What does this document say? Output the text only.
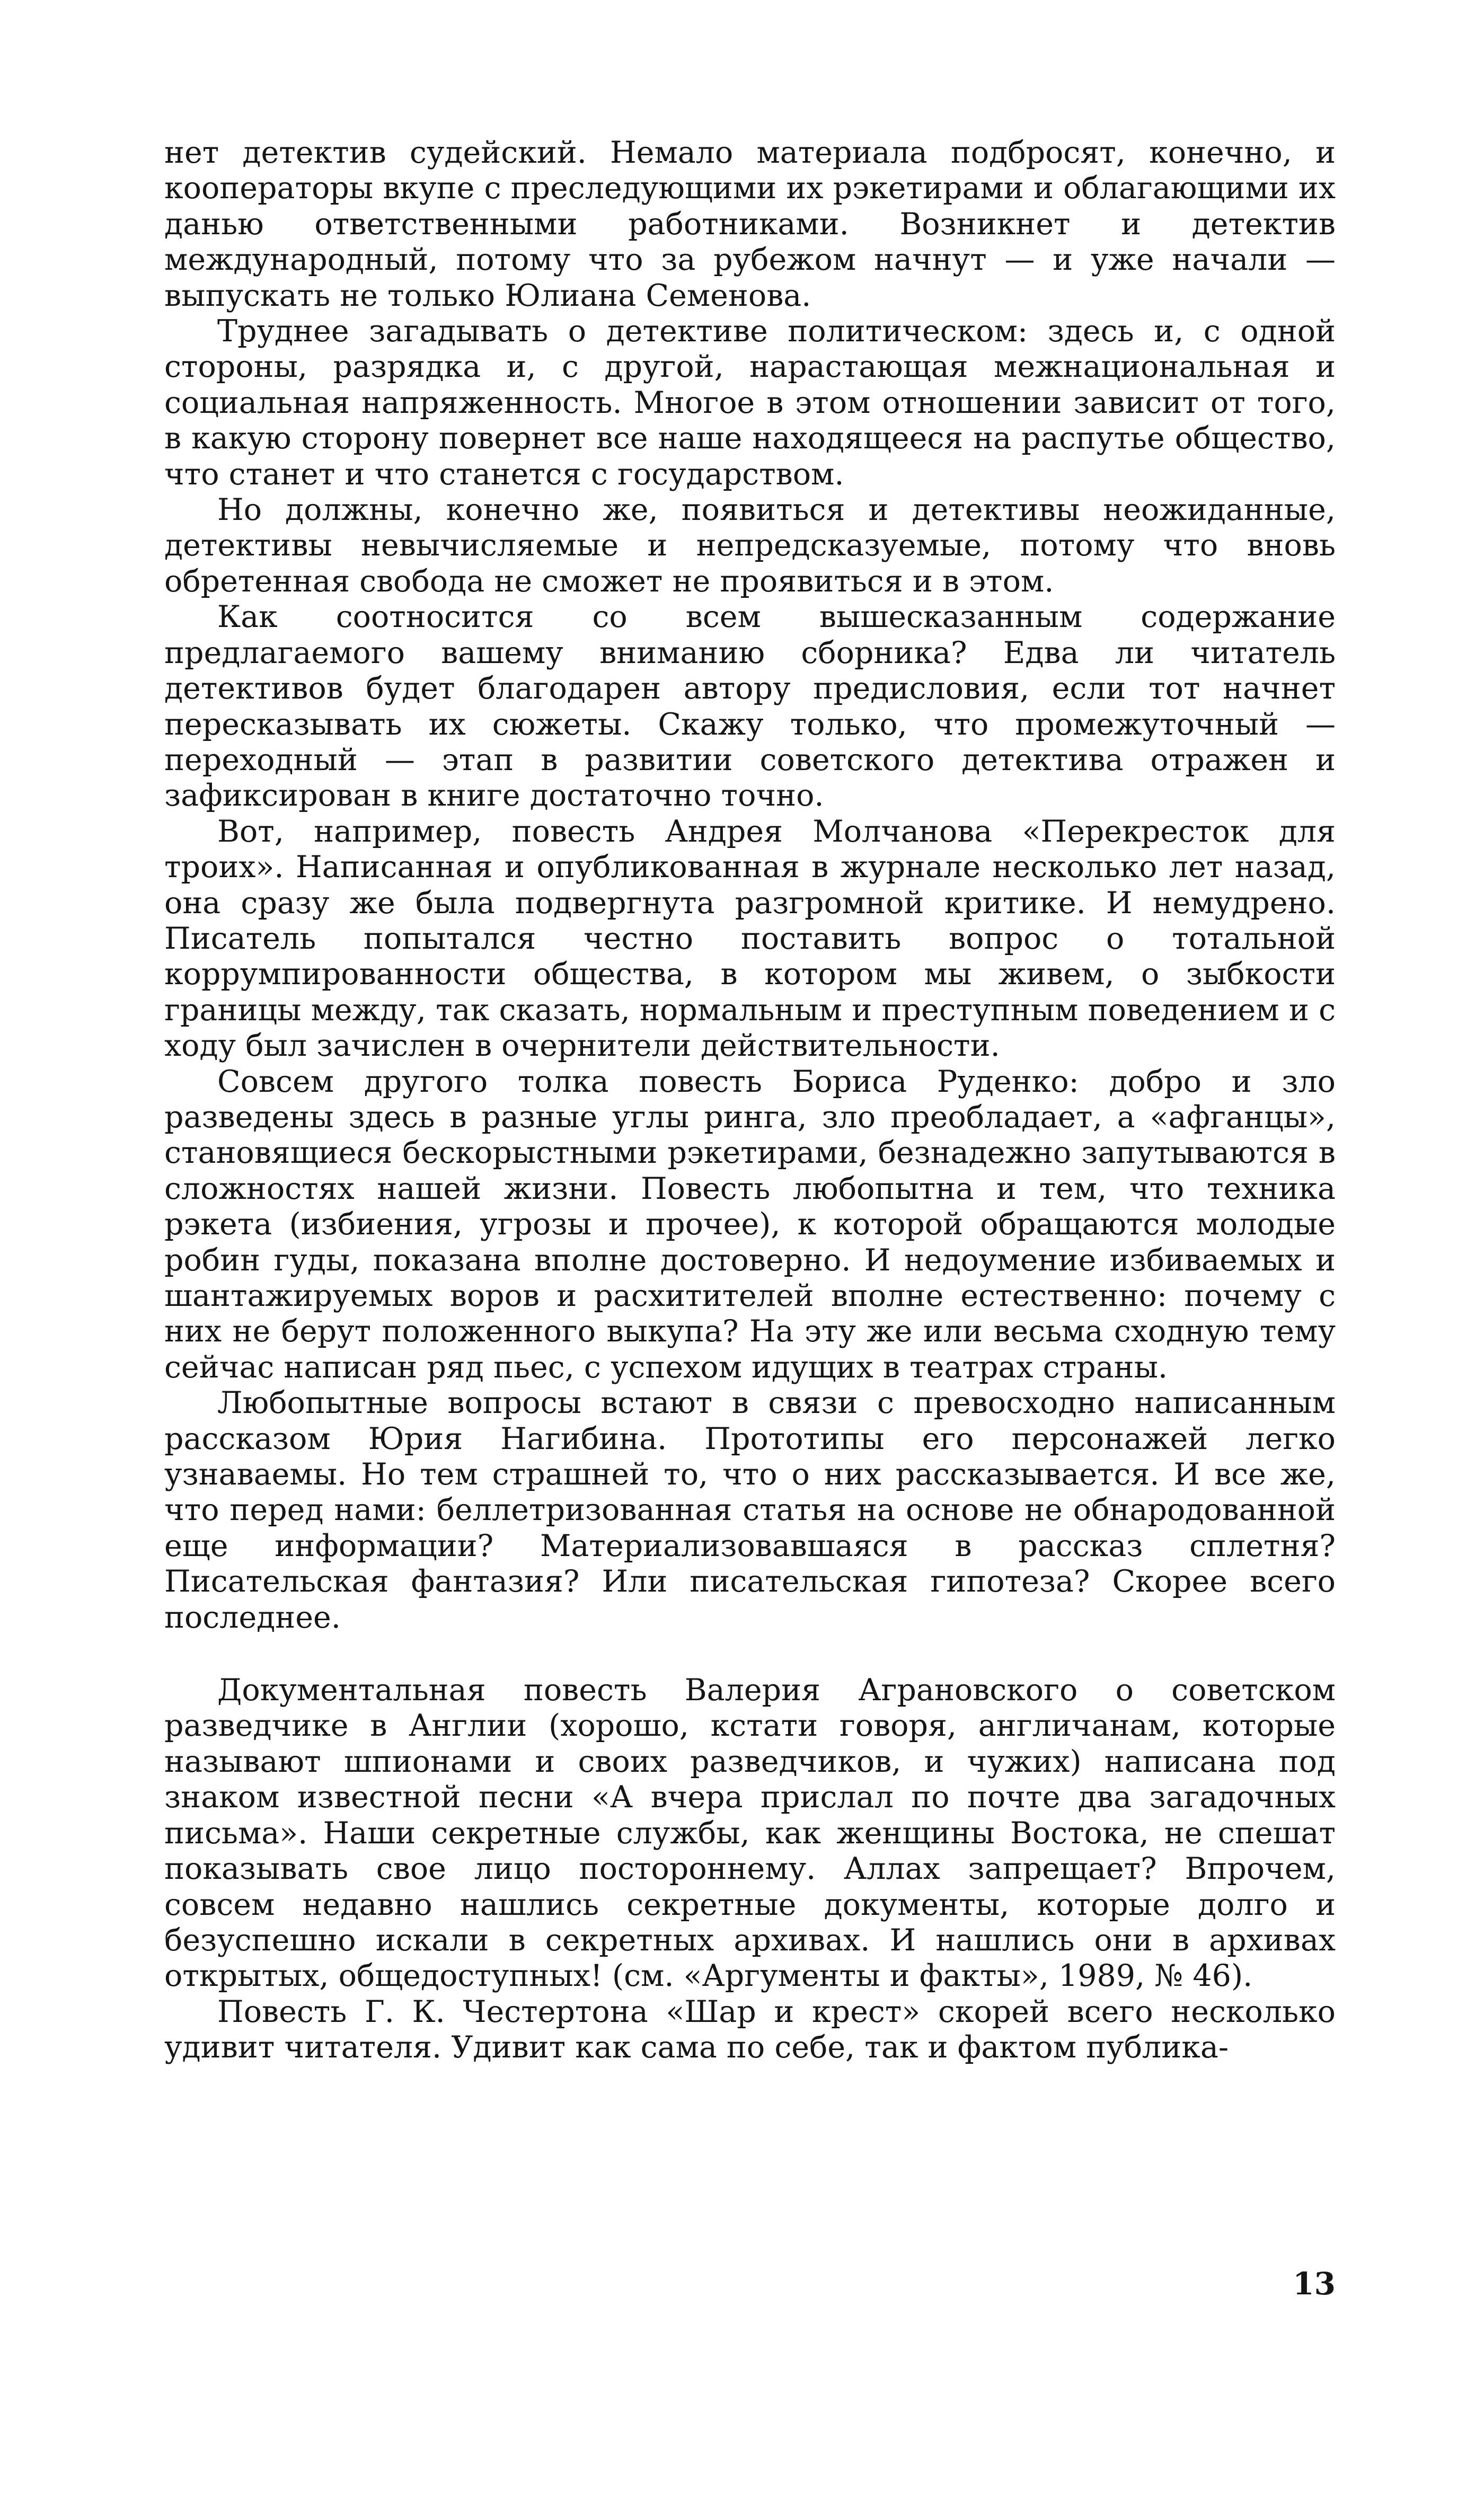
нет детектив судейский. Немало материала подбросят, конечно, и кооператоры вкупе с преследующими их рэкетирами и облагающими их данью ответственными работниками. Возникнет и детектив международный, потому что за рубежом начнут — и уже начали — выпускать не только Юлиана Семенова.

Труднее загадывать о детективе политическом: здесь и, с одной стороны, разрядка и, с другой, нарастающая межнациональная и социальная напряженность. Многое в этом отношении зависит от того, в какую сторону повернет все наше находящееся на распутье общество, что станет и что станется с государством.

Но должны, конечно же, появиться и детективы неожиданные, детективы невычисляемые и непредсказуемые, потому что вновь обретенная свобода не сможет не проявиться и в этом.

Как соотносится со всем вышесказанным содержание предлагаемого вашему вниманию сборника? Едва ли читатель детективов будет благодарен автору предисловия, если тот начнет пересказывать их сюжеты. Скажу только, что промежуточный — переходный — этап в развитии советского детектива отражен и зафиксирован в книге достаточно точно.

Вот, например, повесть Андрея Молчанова «Перекресток для троих». Написанная и опубликованная в журнале несколько лет назад, она сразу же была подвергнута разгромной критике. И немудрено. Писатель попытался честно поставить вопрос о тотальной коррумпированности общества, в котором мы живем, о зыбкости границы между, так сказать, нормальным и преступным поведением и с ходу был зачислен в очернители действительности.

Совсем другого толка повесть Бориса Руденко: добро и зло разведены здесь в разные углы ринга, зло преобладает, а «афганцы», становящиеся бескорыстными рэкетирами, безнадежно запутываются в сложностях нашей жизни. Повесть любопытна и тем, что техника рэкета (избиения, угрозы и прочее), к которой обращаются молодые робин гуды, показана вполне достоверно. И недоумение избиваемых и шантажируемых воров и расхитителей вполне естественно: почему с них не берут положенного выкупа? На эту же или весьма сходную тему сейчас написан ряд пьес, с успехом идущих в театрах страны.

Любопытные вопросы встают в связи с превосходно написанным рассказом Юрия Нагибина. Прототипы его персонажей легко узнаваемы. Но тем страшней то, что о них рассказывается. И все же, что перед нами: беллетризованная статья на основе не обнародованной еще информации? Материализовавшаяся в рассказ сплетня? Писательская фантазия? Или писательская гипотеза? Скорее всего последнее.

Документальная повесть Валерия Аграновского о советском разведчике в Англии (хорошо, кстати говоря, англичанам, которые называют шпионами и своих разведчиков, и чужих) написана под знаком известной песни «А вчера прислал по почте два загадочных письма». Наши секретные службы, как женщины Востока, не спешат показывать свое лицо постороннему. Аллах запрещает? Впрочем, совсем недавно нашлись секретные документы, которые долго и безуспешно искали в секретных архивах. И нашлись они в архивах открытых, общедоступных! (см. «Аргументы и факты», 1989, № 46).

Повесть Г. К. Честертона «Шар и крест» скорей всего несколько удивит читателя. Удивит как сама по себе, так и фактом публика-

13
